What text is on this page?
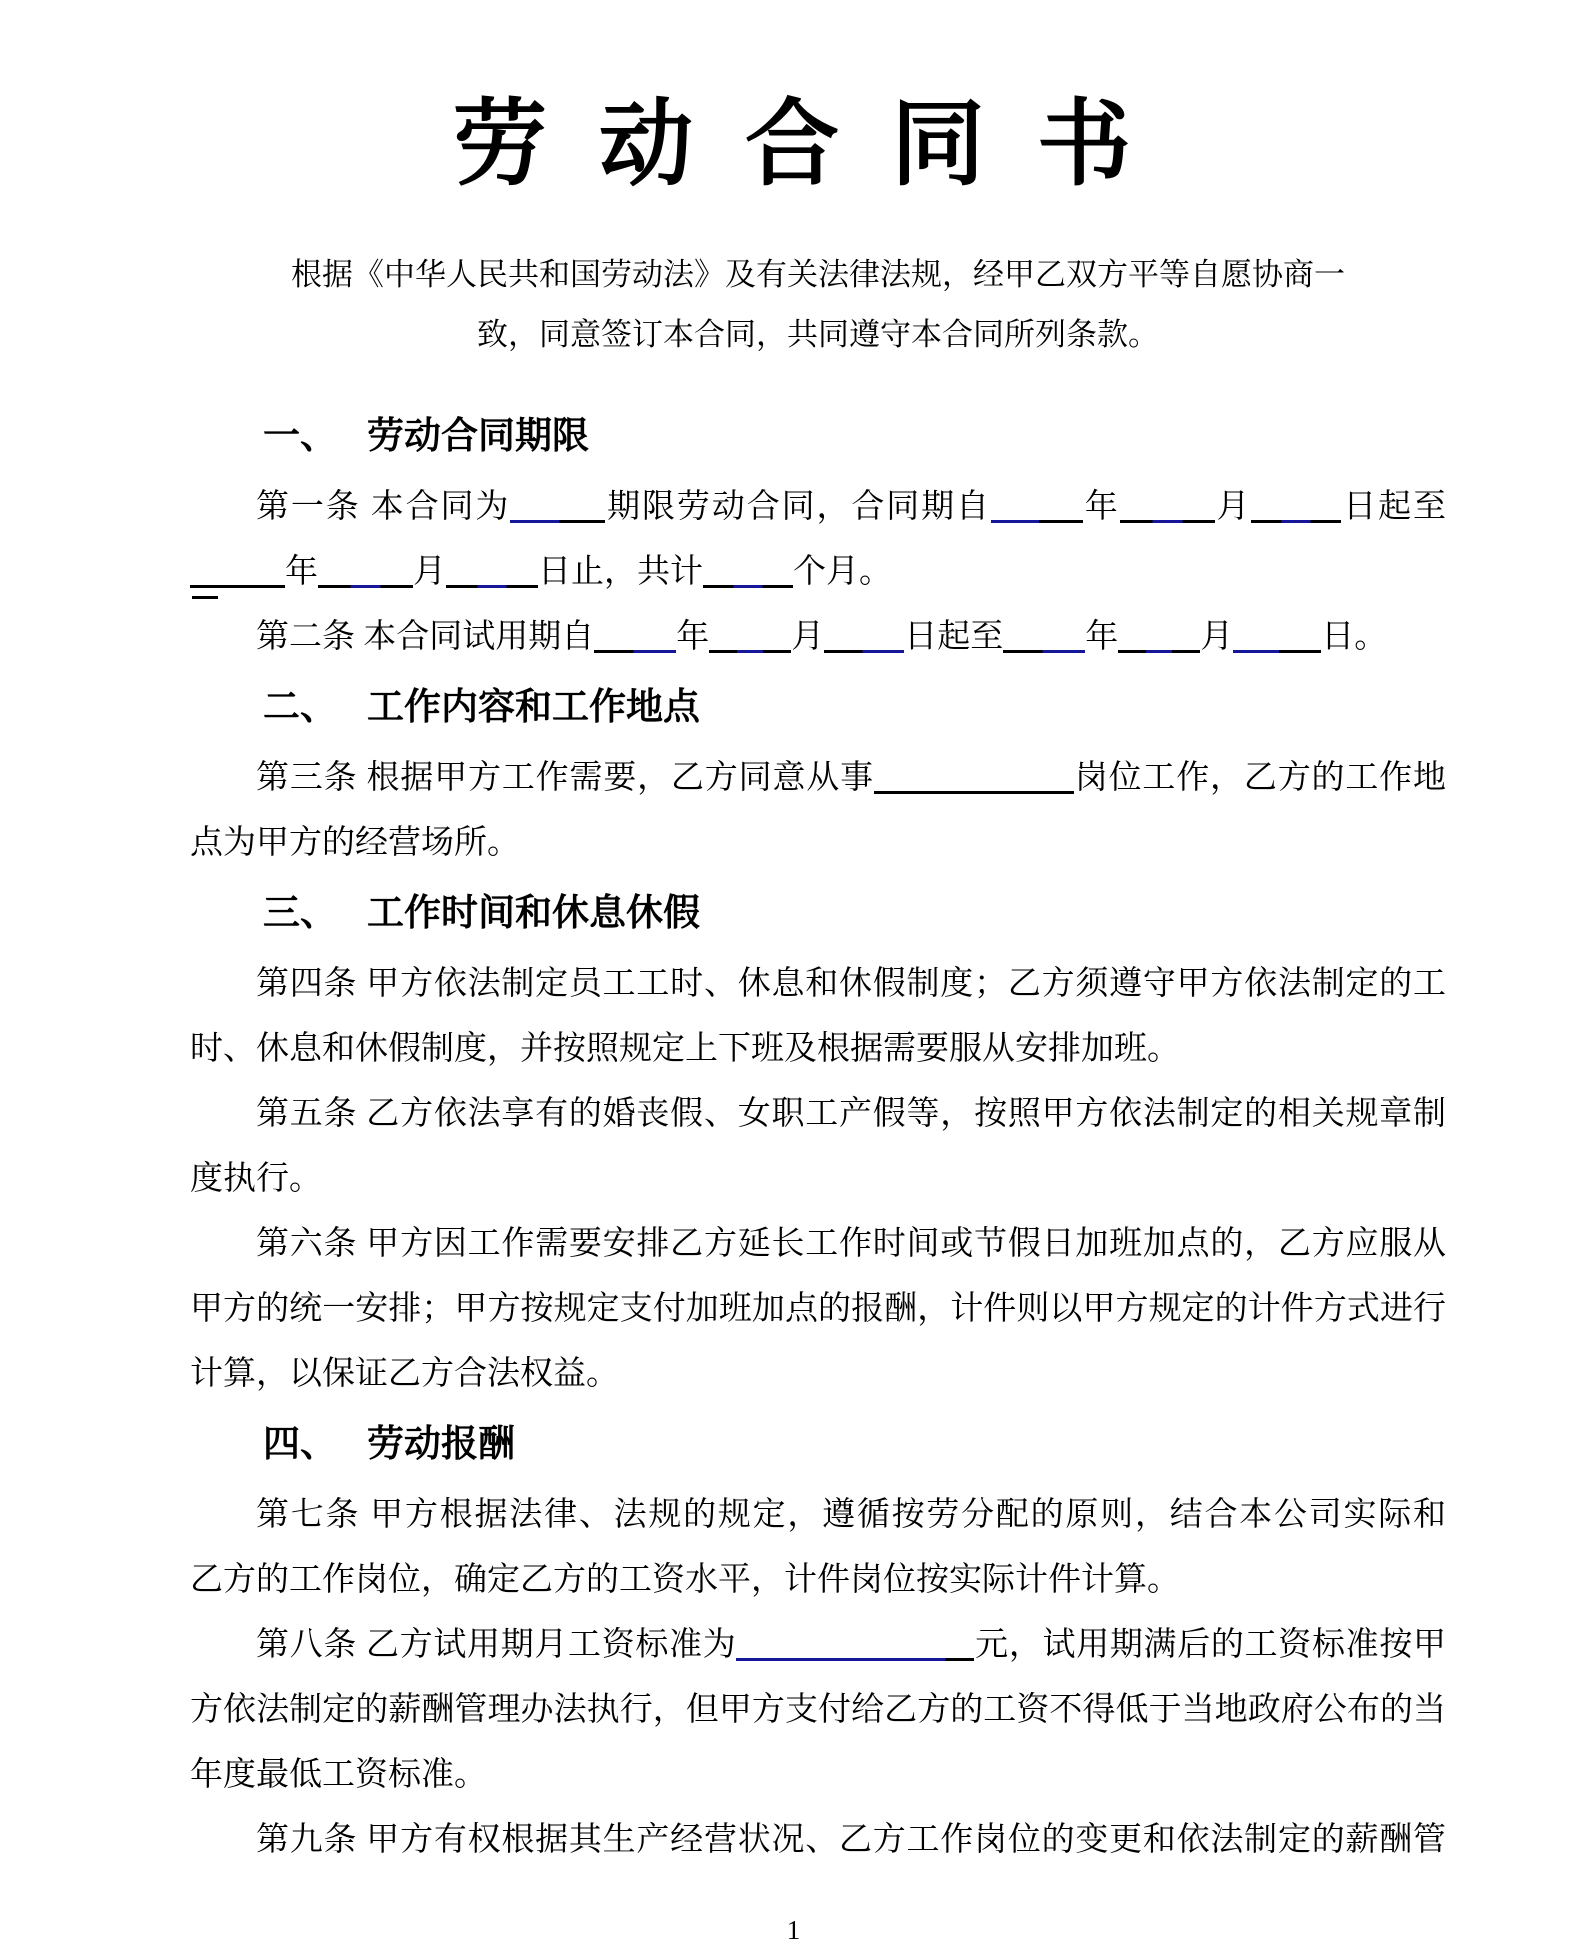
劳动合同书

根据《中华人民共和国劳动法》及有关法律法规，经甲乙双方平等自愿协商一
致，同意签订本合同，共同遵守本合同所列条款。

一、 劳动合同期限

第一条 本合同为	期限劳动合同，合同期自	年	月	日起至
年	月	日止，共计	个月。

第二条 本合同试用期自 年 月 日起至 年 月	日。

二、 工作内容和工作地点

第三条 根据甲方工作需要，乙方同意从事	岗位工作，乙方的工作地
点为甲方的经营场所。

三、 工作时间和休息休假

第四条 甲方依法制定员工工时、休息和休假制度；乙方须遵守甲方依法制定的工
时、休息和休假制度，并按照规定上下班及根据需要服从安排加班。

第五条 乙方依法享有的婚丧假、女职工产假等，按照甲方依法制定的相关规章制
度执行。

第六条 甲方因工作需要安排乙方延长工作时间或节假日加班加点的，乙方应服从
甲方的统一安排；甲方按规定支付加班加点的报酬，计件则以甲方规定的计件方式进行
计算，以保证乙方合法权益。

四、 劳动报酬

第七条 甲方根据法律、法规的规定，遵循按劳分配的原则，结合本公司实际和
乙方的工作岗位，确定乙方的工资水平，计件岗位按实际计件计算。

第八条 乙方试用期月工资标准为	元，试用期满后的工资标准按甲
方依法制定的薪酬管理办法执行，但甲方支付给乙方的工资不得低于当地政府公布的当
年度最低工资标准。

第九条 甲方有权根据其生产经营状况、乙方工作岗位的变更和依法制定的薪酬管

1
